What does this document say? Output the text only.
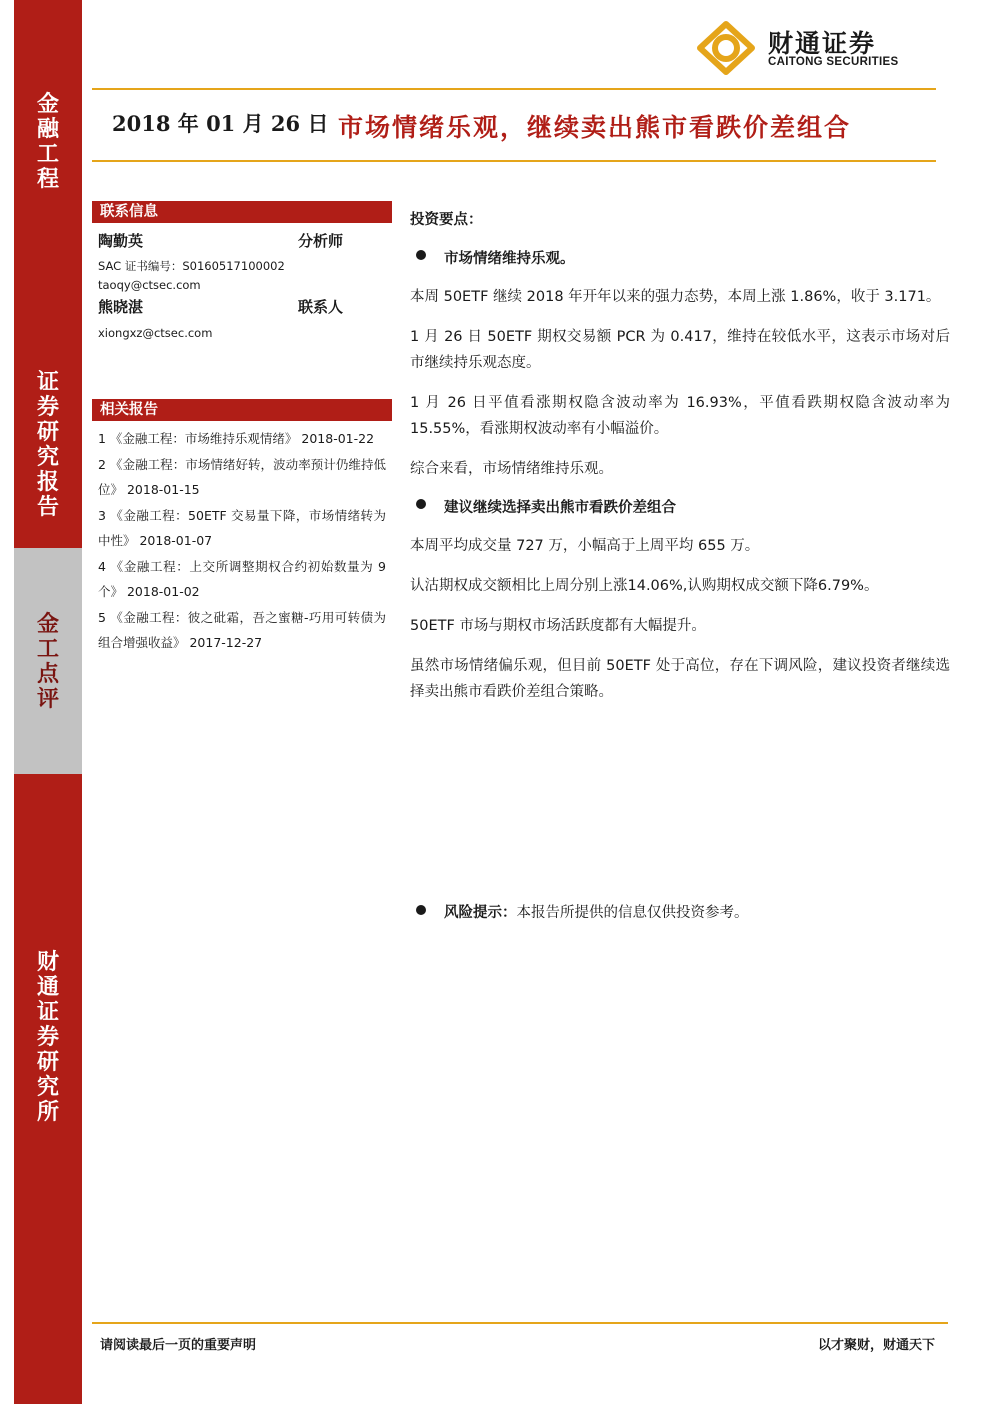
金
融
工
程
证
券
研
究
报
告
金
工
点
评
财
通
证
券
研
究
所
财通证券
CAITONG SECURITIES
2018 年 01 月 26 日 市场情绪乐观，继续卖出熊市看跌价差组合
联系信息
陶勤英	分析师
SAC 证书编号：S0160517100002
taoqy@ctsec.com
熊晓湛	联系人
xiongxz@ctsec.com
相关报告
1 《金融工程：市场维持乐观情绪》 2018-01-22
2 《金融工程：市场情绪好转，波动率预计仍维持低位》 2018-01-15
3 《金融工程：50ETF 交易量下降，市场情绪转为中性》 2018-01-07
4 《金融工程：上交所调整期权合约初始数量为 9 个》 2018-01-02
5 《金融工程：彼之砒霜，吾之蜜糖-巧用可转债为组合增强收益》 2017-12-27
投资要点：
市场情绪维持乐观。
本周 50ETF 继续 2018 年开年以来的强力态势，本周上涨 1.86%，收于 3.171。
1 月 26 日 50ETF 期权交易额 PCR 为 0.417，维持在较低水平，这表示市场对后市继续持乐观态度。
1 月 26 日平值看涨期权隐含波动率为 16.93%，平值看跌期权隐含波动率为 15.55%，看涨期权波动率有小幅溢价。
综合来看，市场情绪维持乐观。
建议继续选择卖出熊市看跌价差组合
本周平均成交量 727 万，小幅高于上周平均 655 万。
认沽期权成交额相比上周分别上涨14.06%,认购期权成交额下降6.79%。
50ETF 市场与期权市场活跃度都有大幅提升。
虽然市场情绪偏乐观，但目前 50ETF 处于高位，存在下调风险，建议投资者继续选择卖出熊市看跌价差组合策略。
风险提示：本报告所提供的信息仅供投资参考。
请阅读最后一页的重要声明	以才聚财，财通天下
